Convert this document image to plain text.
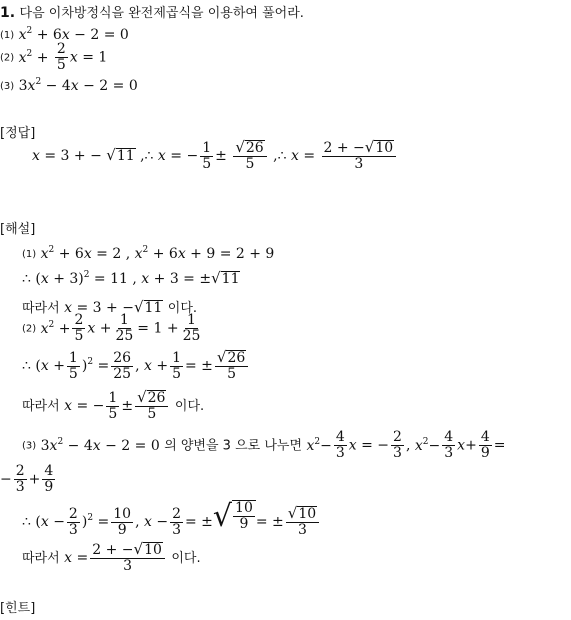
1. 다음 이차방정식을 완전제곱식을 이용하여 풀어라.
(1) $x^2 + 6x - 2 = 0$
(2) $x^2 + \frac{2}{5}$ x = 1
(3) $3x^2 - 4x - 2 = 0$
[정답]
x = 3 + − √ 11 ,∴ x = − $\frac{1}{5} \pm \frac{√ 26}{5}$ ,∴ $x = \frac{2 + - √ 10}{3}$
[해설]
(1) $x^2 + 6x = 2$ , $x^2 + 6x + 9 = 2 + 9$
∴ $(x + 3)^2 = 11$ , x + 3 = ± √ 11
따라서 x = 3 + − √ 11 이다.
(2) $x^2 + \frac{2}{5}$ $x + \frac{1}{25} = 1 + \frac{1}{25}$
∴ $(x + \frac{1}{5} )^2 = \frac{26}{25}$ , $x + \frac{1}{5}$ = ± $\frac{√ 26}{5}$
따라서 x = − $\frac{1}{5} \pm \frac{√ 26}{5}$ 이다.
(3) $3x^2 - 4x - 2 = 0$ 의 양변을 3 으로 나누면 $x^2- \frac{4}{3}$ x = − $\frac{2}{3}$ , $x^2- \frac{4}{3} x+ \frac{4}{9}$ =
− $\frac{2}{3} + \frac{4}{9}$
∴ $(x - \frac{2}{3} )^2 = \frac{10}{9}$ , $x - \frac{2}{3}$ = ± √ $\frac{10}{9}$ = ± $\frac{√ 10}{3}$
따라서 $x = \frac{2 + - √ 10}{3}$ 이다.
[힌트]
